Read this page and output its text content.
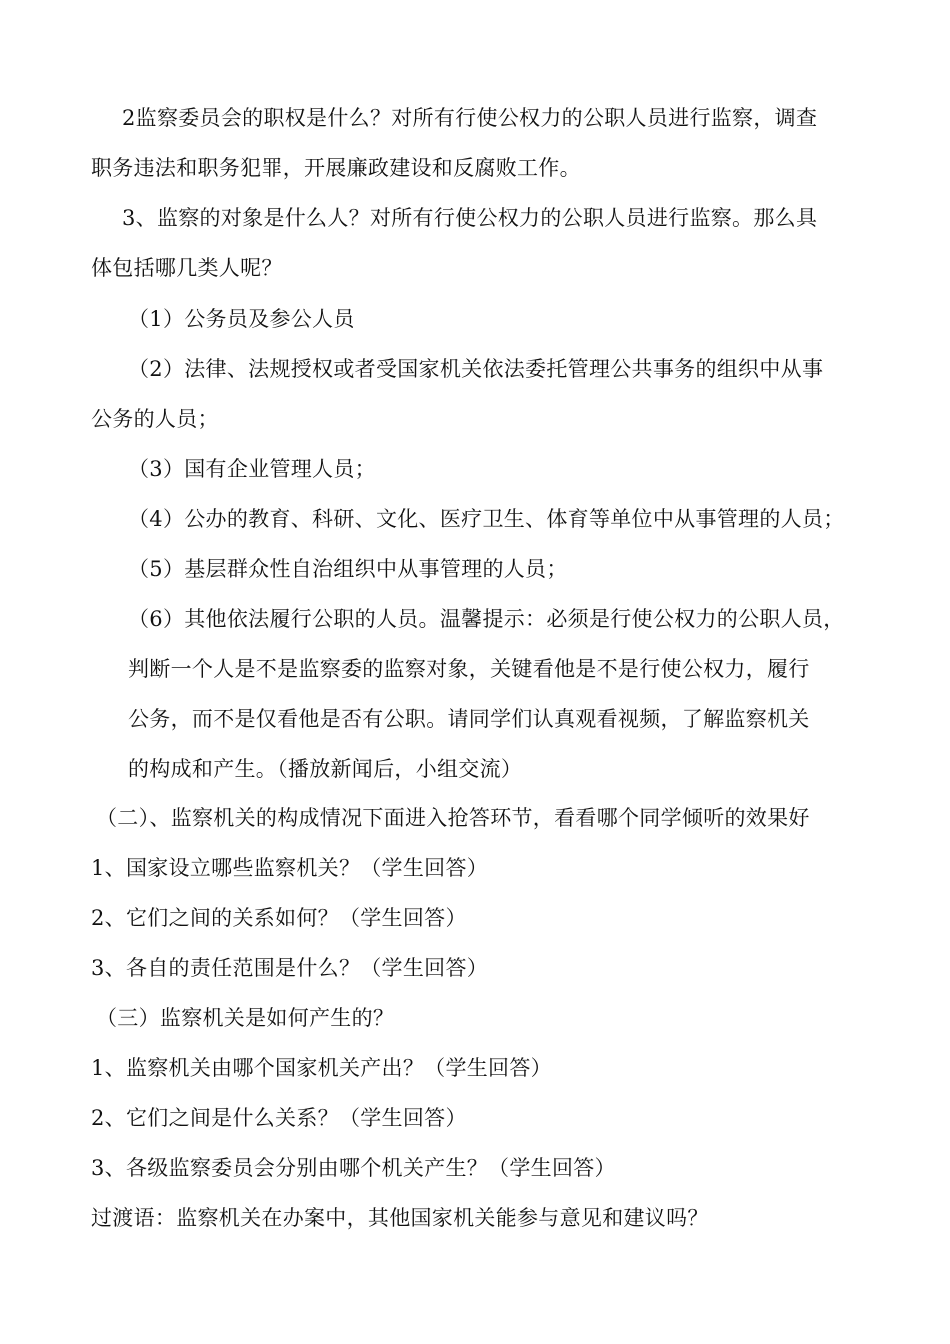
2监察委员会的职权是什么？对所有行使公权力的公职人员进行监察，调查
职务违法和职务犯罪，开展廉政建设和反腐败工作。
3、监察的对象是什么人？对所有行使公权力的公职人员进行监察。那么具
体包括哪几类人呢？
（1）公务员及参公人员
（2）法律、法规授权或者受国家机关依法委托管理公共事务的组织中从事
公务的人员；
（3）国有企业管理人员；
（4）公办的教育、科研、文化、医疗卫生、体育等单位中从事管理的人员；
（5）基层群众性自治组织中从事管理的人员；
（6）其他依法履行公职的人员。温馨提示：必须是行使公权力的公职人员，
判断一个人是不是监察委的监察对象，关键看他是不是行使公权力，履行
公务，而不是仅看他是否有公职。请同学们认真观看视频，了解监察机关
的构成和产生。（播放新闻后，小组交流）
（二）、监察机关的构成情况下面进入抢答环节，看看哪个同学倾听的效果好
1、国家设立哪些监察机关？（学生回答）
2、它们之间的关系如何？（学生回答）
3、各自的责任范围是什么？（学生回答）
（三）监察机关是如何产生的？
1、监察机关由哪个国家机关产出？（学生回答）
2、它们之间是什么关系？（学生回答）
3、各级监察委员会分别由哪个机关产生？（学生回答）
过渡语：监察机关在办案中，其他国家机关能参与意见和建议吗？
